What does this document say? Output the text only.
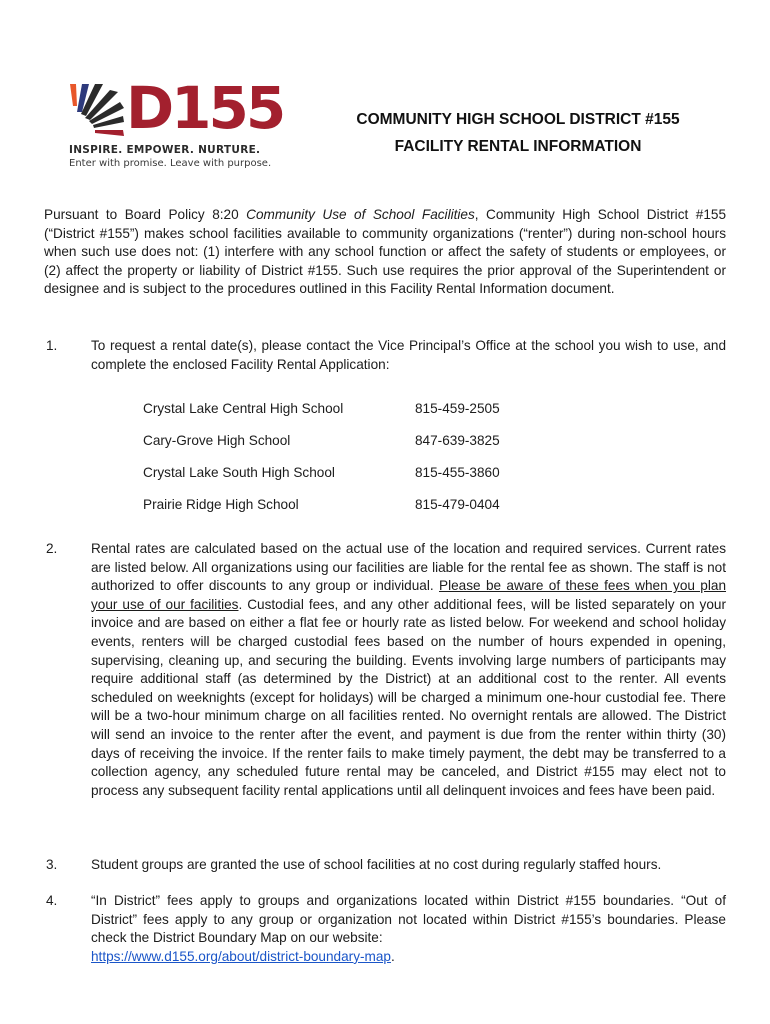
D155
INSPIRE. EMPOWER. NURTURE.
Enter with promise. Leave with purpose.
COMMUNITY HIGH SCHOOL DISTRICT #155
FACILITY RENTAL INFORMATION

Pursuant to Board Policy 8:20 Community Use of School Facilities, Community High School District #155 (“District #155”) makes school facilities available to community organizations (“renter”) during non-school hours when such use does not: (1) interfere with any school function or affect the safety of students or employees, or (2) affect the property or liability of District #155. Such use requires the prior approval of the Superintendent or designee and is subject to the procedures outlined in this Facility Rental Information document.

1. To request a rental date(s), please contact the Vice Principal’s Office at the school you wish to use, and complete the enclosed Facility Rental Application:
Crystal Lake Central High School	815-459-2505
Cary-Grove High School	847-639-3825
Crystal Lake South High School	815-455-3860
Prairie Ridge High School	815-479-0404
2. Rental rates are calculated based on the actual use of the location and required services. Current rates are listed below. All organizations using our facilities are liable for the rental fee as shown. The staff is not authorized to offer discounts to any group or individual. Please be aware of these fees when you plan your use of our facilities. Custodial fees, and any other additional fees, will be listed separately on your invoice and are based on either a flat fee or hourly rate as listed below. For weekend and school holiday events, renters will be charged custodial fees based on the number of hours expended in opening, supervising, cleaning up, and securing the building. Events involving large numbers of participants may require additional staff (as determined by the District) at an additional cost to the renter. All events scheduled on weeknights (except for holidays) will be charged a minimum one-hour custodial fee. There will be a two-hour minimum charge on all facilities rented. No overnight rentals are allowed. The District will send an invoice to the renter after the event, and payment is due from the renter within thirty (30) days of receiving the invoice. If the renter fails to make timely payment, the debt may be transferred to a collection agency, any scheduled future rental may be canceled, and District #155 may elect not to process any subsequent facility rental applications until all delinquent invoices and fees have been paid.
3. Student groups are granted the use of school facilities at no cost during regularly staffed hours.
4. “In District” fees apply to groups and organizations located within District #155 boundaries. “Out of District” fees apply to any group or organization not located within District #155’s boundaries. Please check the District Boundary Map on our website:
https://www.d155.org/about/district-boundary-map.
